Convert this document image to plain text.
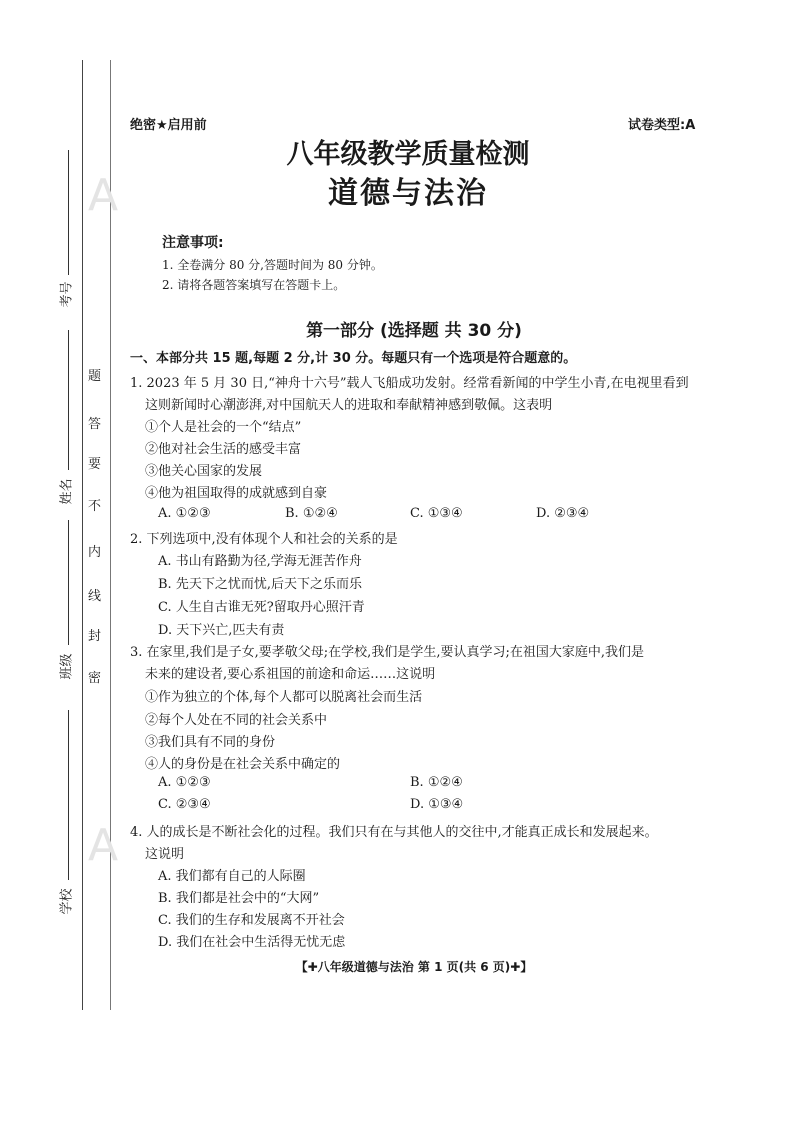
A
A
题
答
要
不
内
线
封
密
考号
姓名
班级
学校
绝密★启用前	试卷类型:A
八年级教学质量检测
道德与法治
注意事项:
1. 全卷满分 80 分,答题时间为 80 分钟。
2. 请将各题答案填写在答题卡上。
第一部分 (选择题 共 30 分)
一、本部分共 15 题,每题 2 分,计 30 分。每题只有一个选项是符合题意的。
1. 2023 年 5 月 30 日,“神舟十六号”载人飞船成功发射。经常看新闻的中学生小青,在电视里看到
这则新闻时心潮澎湃,对中国航天人的进取和奉献精神感到敬佩。这表明
①个人是社会的一个“结点”
②他对社会生活的感受丰富
③他关心国家的发展
④他为祖国取得的成就感到自豪
A. ①②③	B. ①②④	C. ①③④	D. ②③④
2. 下列选项中,没有体现个人和社会的关系的是
A. 书山有路勤为径,学海无涯苦作舟
B. 先天下之忧而忧,后天下之乐而乐
C. 人生自古谁无死?留取丹心照汗青
D. 天下兴亡,匹夫有责
3. 在家里,我们是子女,要孝敬父母;在学校,我们是学生,要认真学习;在祖国大家庭中,我们是
未来的建设者,要心系祖国的前途和命运……这说明
①作为独立的个体,每个人都可以脱离社会而生活
②每个人处在不同的社会关系中
③我们具有不同的身份
④人的身份是在社会关系中确定的
A. ①②③	B. ①②④
C. ②③④	D. ①③④
4. 人的成长是不断社会化的过程。我们只有在与其他人的交往中,才能真正成长和发展起来。
这说明
A. 我们都有自己的人际圈
B. 我们都是社会中的“大网”
C. 我们的生存和发展离不开社会
D. 我们在社会中生活得无忧无虑
【✚八年级道德与法治 第 1 页(共 6 页)✚】
